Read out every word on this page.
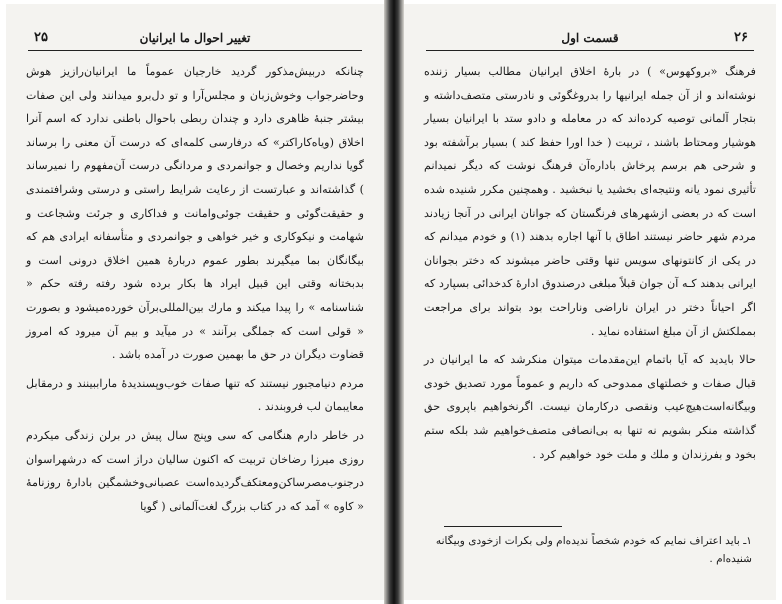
تغییر احوال ما ایرانیان
۲۵

چنانکه دربیش‌مذکور گردید خارجیان عموماً ما ایرانیان‌رازیز هوش وحاضرجواب وخوش‌زبان و مجلس‌آرا و تو دل‌برو میدانند ولی این صفات بیشتر جنبهٔ ظاهری دارد و چندان ربطی باحوال باطنی ندارد که اسم آنرا اخلاق (ویاه‌کاراکتر» که درفارسی کلمه‌ای که درست آن معنی را برساند گویا نداریم وخصال و جوانمردی و مردانگی درست آن‌مفهوم را نمیرساند ) گذاشته‌اند و عبارتست از رعایت شرایط راستی و درستی وشرافتمندی و حقیقت‌گوئی و حقیقت جوئی‌وامانت و فداکاری و جرئت وشجاعت و شهامت و نیکوکاری و خیر خواهی و جوانمردی و متأسفانه ایرادی هم که بیگانگان بما میگیرند بطور عموم دربارهٔ همین اخلاق درونی است و بدبختانه وقتی این قبیل ایراد ها بکار برده شود رفته رفته حکم « شناسنامه » را پیدا میکند و مارك بین‌المللی‌برآن خورده‌میشود و بصورت « قولی است که جملگی برآنند » در میآید و بیم آن میرود که امروز قضاوت دیگران در حق ما بهمین صورت در آمده باشد .

مردم دنیامجبور نیستند که تنها صفات خوب‌وپسندیدهٔ ماراببینند و درمقابل معایبمان لب فروبندند .

در خاطر دارم هنگامی که سی وپنج سال پیش در برلن زندگی میکردم روزی میرزا رضاخان تربیت که اکنون سالیان دراز است که درشهراسوان درجنوب‌مصرساکن‌ومعتکف‌گردیده‌است عصبانی‌وخشمگین بادارهٔ روزنامهٔ « کاوه » آمد که در کتاب بزرگ لغت‌آلمانی ( گویا

قسمت اول	۲۶

فرهنگ «بروکهوس» ) در بارهٔ اخلاق ایرانیان مطالب بسیار زننده نوشته‌اند و از آن جمله ایرانیها را بدروغگوئی و نادرستی متصف‌داشته و بتجار آلمانی توصیه کرده‌اند که در معامله و دادو ستد با ایرانیان بسیار هوشیار ومحتاط باشند ، تربیت ( خدا اورا حفظ کند ) بسیار برآشفته بود و شرحی هم برسم پرخاش باداره‌آن فرهنگ نوشت که دیگر نمیدانم تأثیری نمود یانه ونتیجه‌ای بخشید یا نبخشید . وهمچنین مکرر شنیده شده است که در بعضی ازشهرهای فرنگستان که جوانان ایرانی در آنجا زیادند مردم شهر حاضر نیستند اطاق با آنها اجاره بدهند (۱) و خودم میدانم که در یکی از کانتونهای سویس تنها وقتی حاضر میشوند که دختر بجوانان ایرانی بدهند کـه آن جوان قبلاً مبلغی درصندوق ادارهٔ کدخدائی بسپارد که اگر احیاناً دختر در ایران ناراضی وناراحت بود بتواند برای مراجعت بمملکتش از آن مبلغ استفاده نماید .

حالا بایدید که آیا باتمام این‌مقدمات میتوان منکرشد که ما ایرانیان در قبال صفات و خصلتهای ممدوحی که داریم و عموماً مورد تصدیق خودی وبیگانه‌است‌هیچ‌عیب ونقصی درکارمان نیست. اگرنخواهیم باپروی حق گذاشته منکر بشویم نه تنها به بی‌انصافی متصف‌خواهیم شد بلکه ستم بخود و بفرزندان و ملك و ملت خود خواهیم کرد .

۱ـ باید اعتراف نمایم که خودم شخصاً ندیده‌ام ولی بکرات ازخودی وبیگانه شنیده‌ام .
